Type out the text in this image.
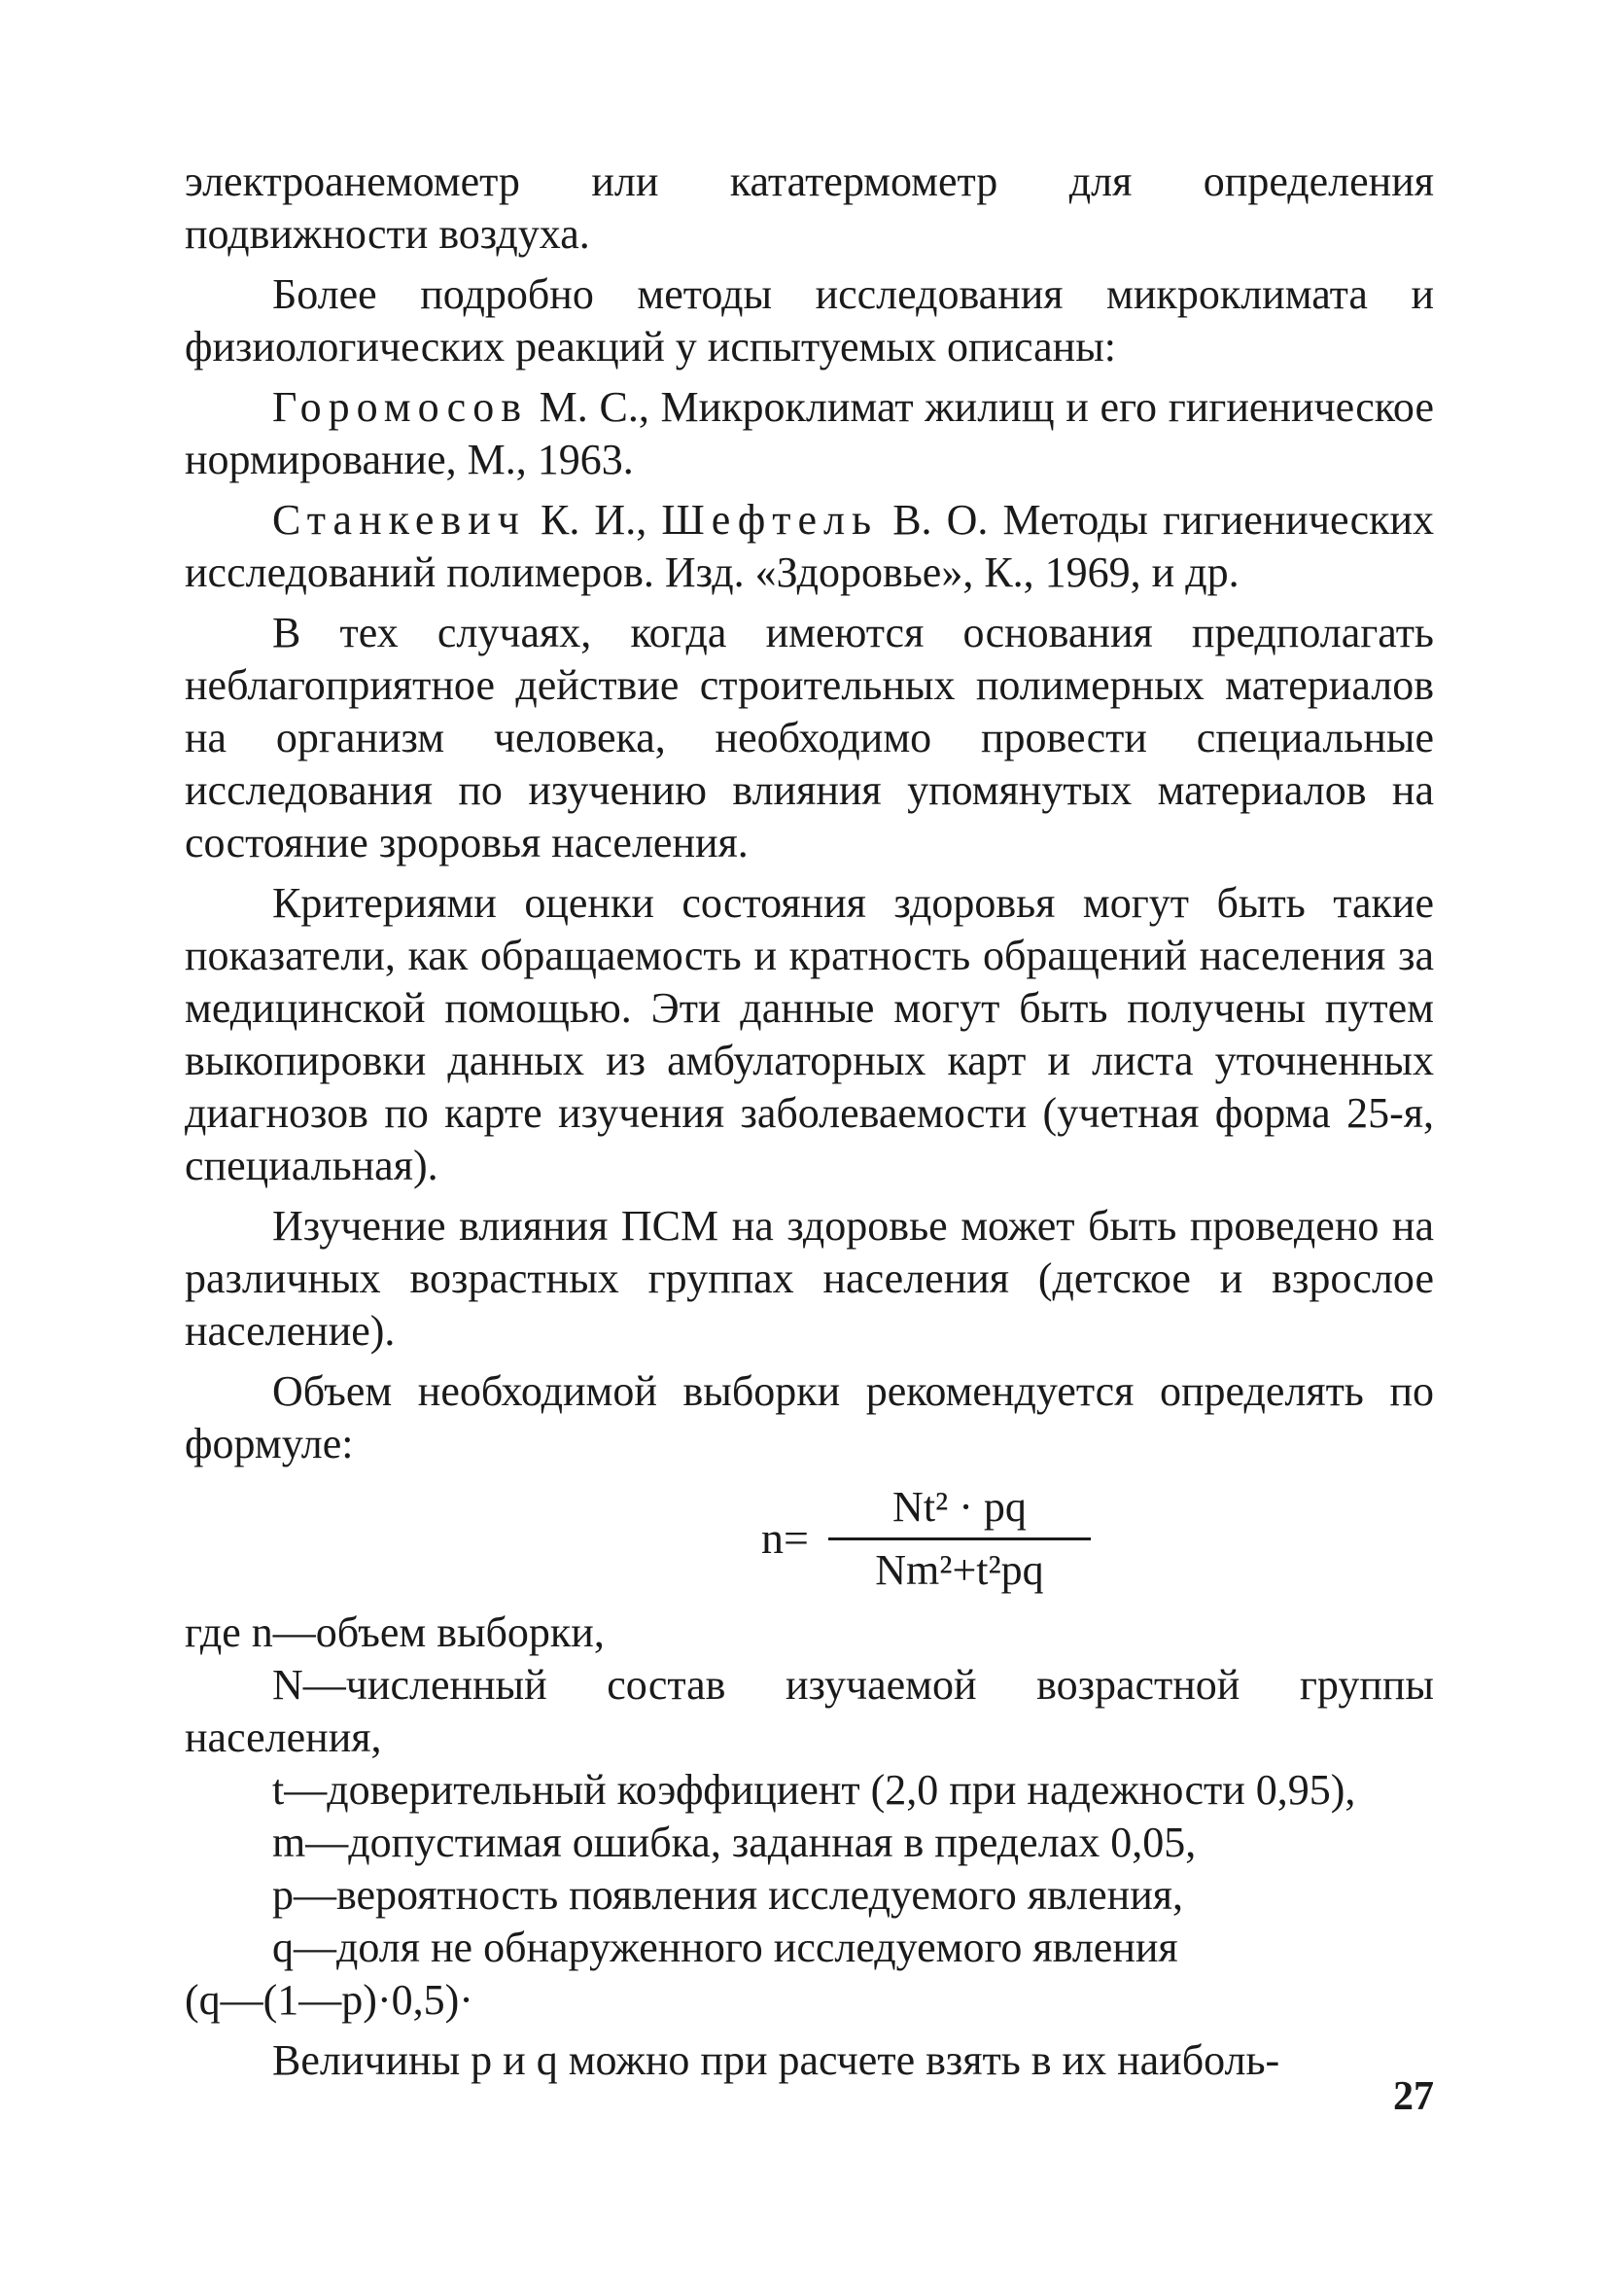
электроанемометр или кататермометр для определения подвижности воздуха.

Более подробно методы исследования микроклимата и физиологических реакций у испытуемых описаны:

Горомосов М. С., Микроклимат жилищ и его гигиеническое нормирование, М., 1963.

Станкевич К. И., Шефтель В. О. Методы гигиенических исследований полимеров. Изд. «Здоровье», К., 1969, и др.

В тех случаях, когда имеются основания предполагать неблагоприятное действие строительных полимерных материалов на организм человека, необходимо провести специальные исследования по изучению влияния упомянутых материалов на состояние зроровья населения.

Критериями оценки состояния здоровья могут быть такие показатели, как обращаемость и кратность обращений населения за медицинской помощью. Эти данные могут быть получены путем выкопировки данных из амбулаторных карт и листа уточненных диагнозов по карте изучения заболеваемости (учетная форма 25-я, специальная).

Изучение влияния ПСМ на здоровье может быть проведено на различных возрастных группах населения (детское и взрослое население).

Объем необходимой выборки рекомендуется определять по формуле:

$n= \frac{\text{Nt² · pq}}{\text{Nm²+t²pq}}$

где n—объем выборки,

N—численный состав изучаемой возрастной группы населения,

t—доверительный коэффициент (2,0 при надежности 0,95),

m—допустимая ошибка, заданная в пределах 0,05,

p—вероятность появления исследуемого явления,

q—доля не обнаруженного исследуемого явления

(q—(1—p)·0,5)·

Величины p и q можно при расчете взять в их наиболь-

27
